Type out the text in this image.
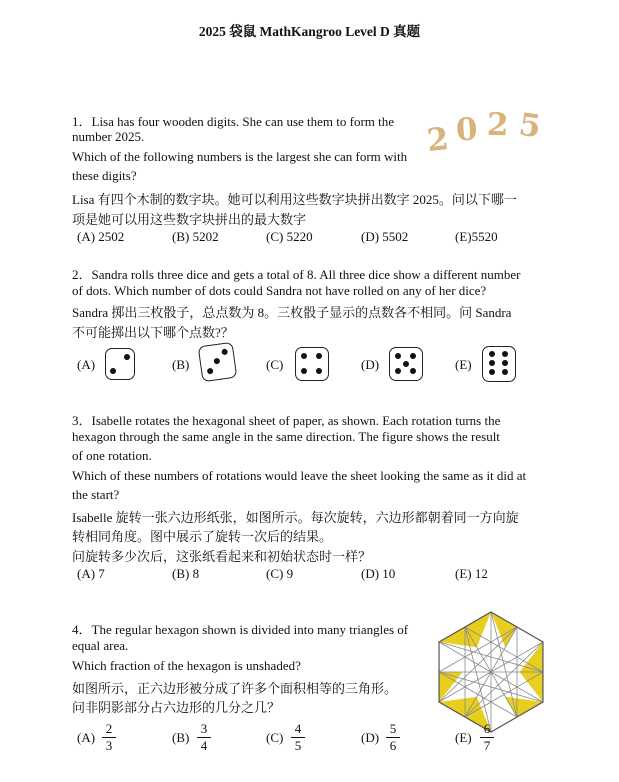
2025 袋鼠 MathKangroo Level D 真题
2 0 2 5
1．Lisa has four wooden digits. She can use them to form the
number 2025.
Which of the following numbers is the largest she can form with
these digits?
Lisa 有四个木制的数字块。她可以利用这些数字块拼出数字 2025。问以下哪一
项是她可以用这些数字块拼出的最大数字
(A) 2502	(B) 5202	(C) 5220	(D) 5502	(E)5520
2．Sandra rolls three dice and gets a total of 8. All three dice show a different number
of dots. Which number of dots could Sandra not have rolled on any of her dice?
Sandra 掷出三枚骰子，总点数为 8。三枚骰子显示的点数各不相同。问 Sandra
不可能掷出以下哪个点数?？
(A)	(B)	(C)	(D)	(E)
3．Isabelle rotates the hexagonal sheet of paper, as shown. Each rotation turns the
hexagon through the same angle in the same direction. The figure shows the result
of one rotation.
Which of these numbers of rotations would leave the sheet looking the same as it did at
the start?
Isabelle 旋转一张六边形纸张，如图所示。每次旋转，六边形都朝着同一方向旋
转相同角度。图中展示了旋转一次后的结果。
问旋转多少次后，这张纸看起来和初始状态时一样？
(A) 7	(B) 8	(C) 9	(D) 10	(E) 12
4．The regular hexagon shown is divided into many triangles of
equal area.
Which fraction of the hexagon is unshaded?
如图所示，正六边形被分成了许多个面积相等的三角形。
问非阴影部分占六边形的几分之几？
$(A) \frac{2}{3}$	$(B) \frac{3}{4}$	$(C) \frac{4}{5}$	$(D) \frac{5}{6}$	$(E) \frac{6}{7}$
